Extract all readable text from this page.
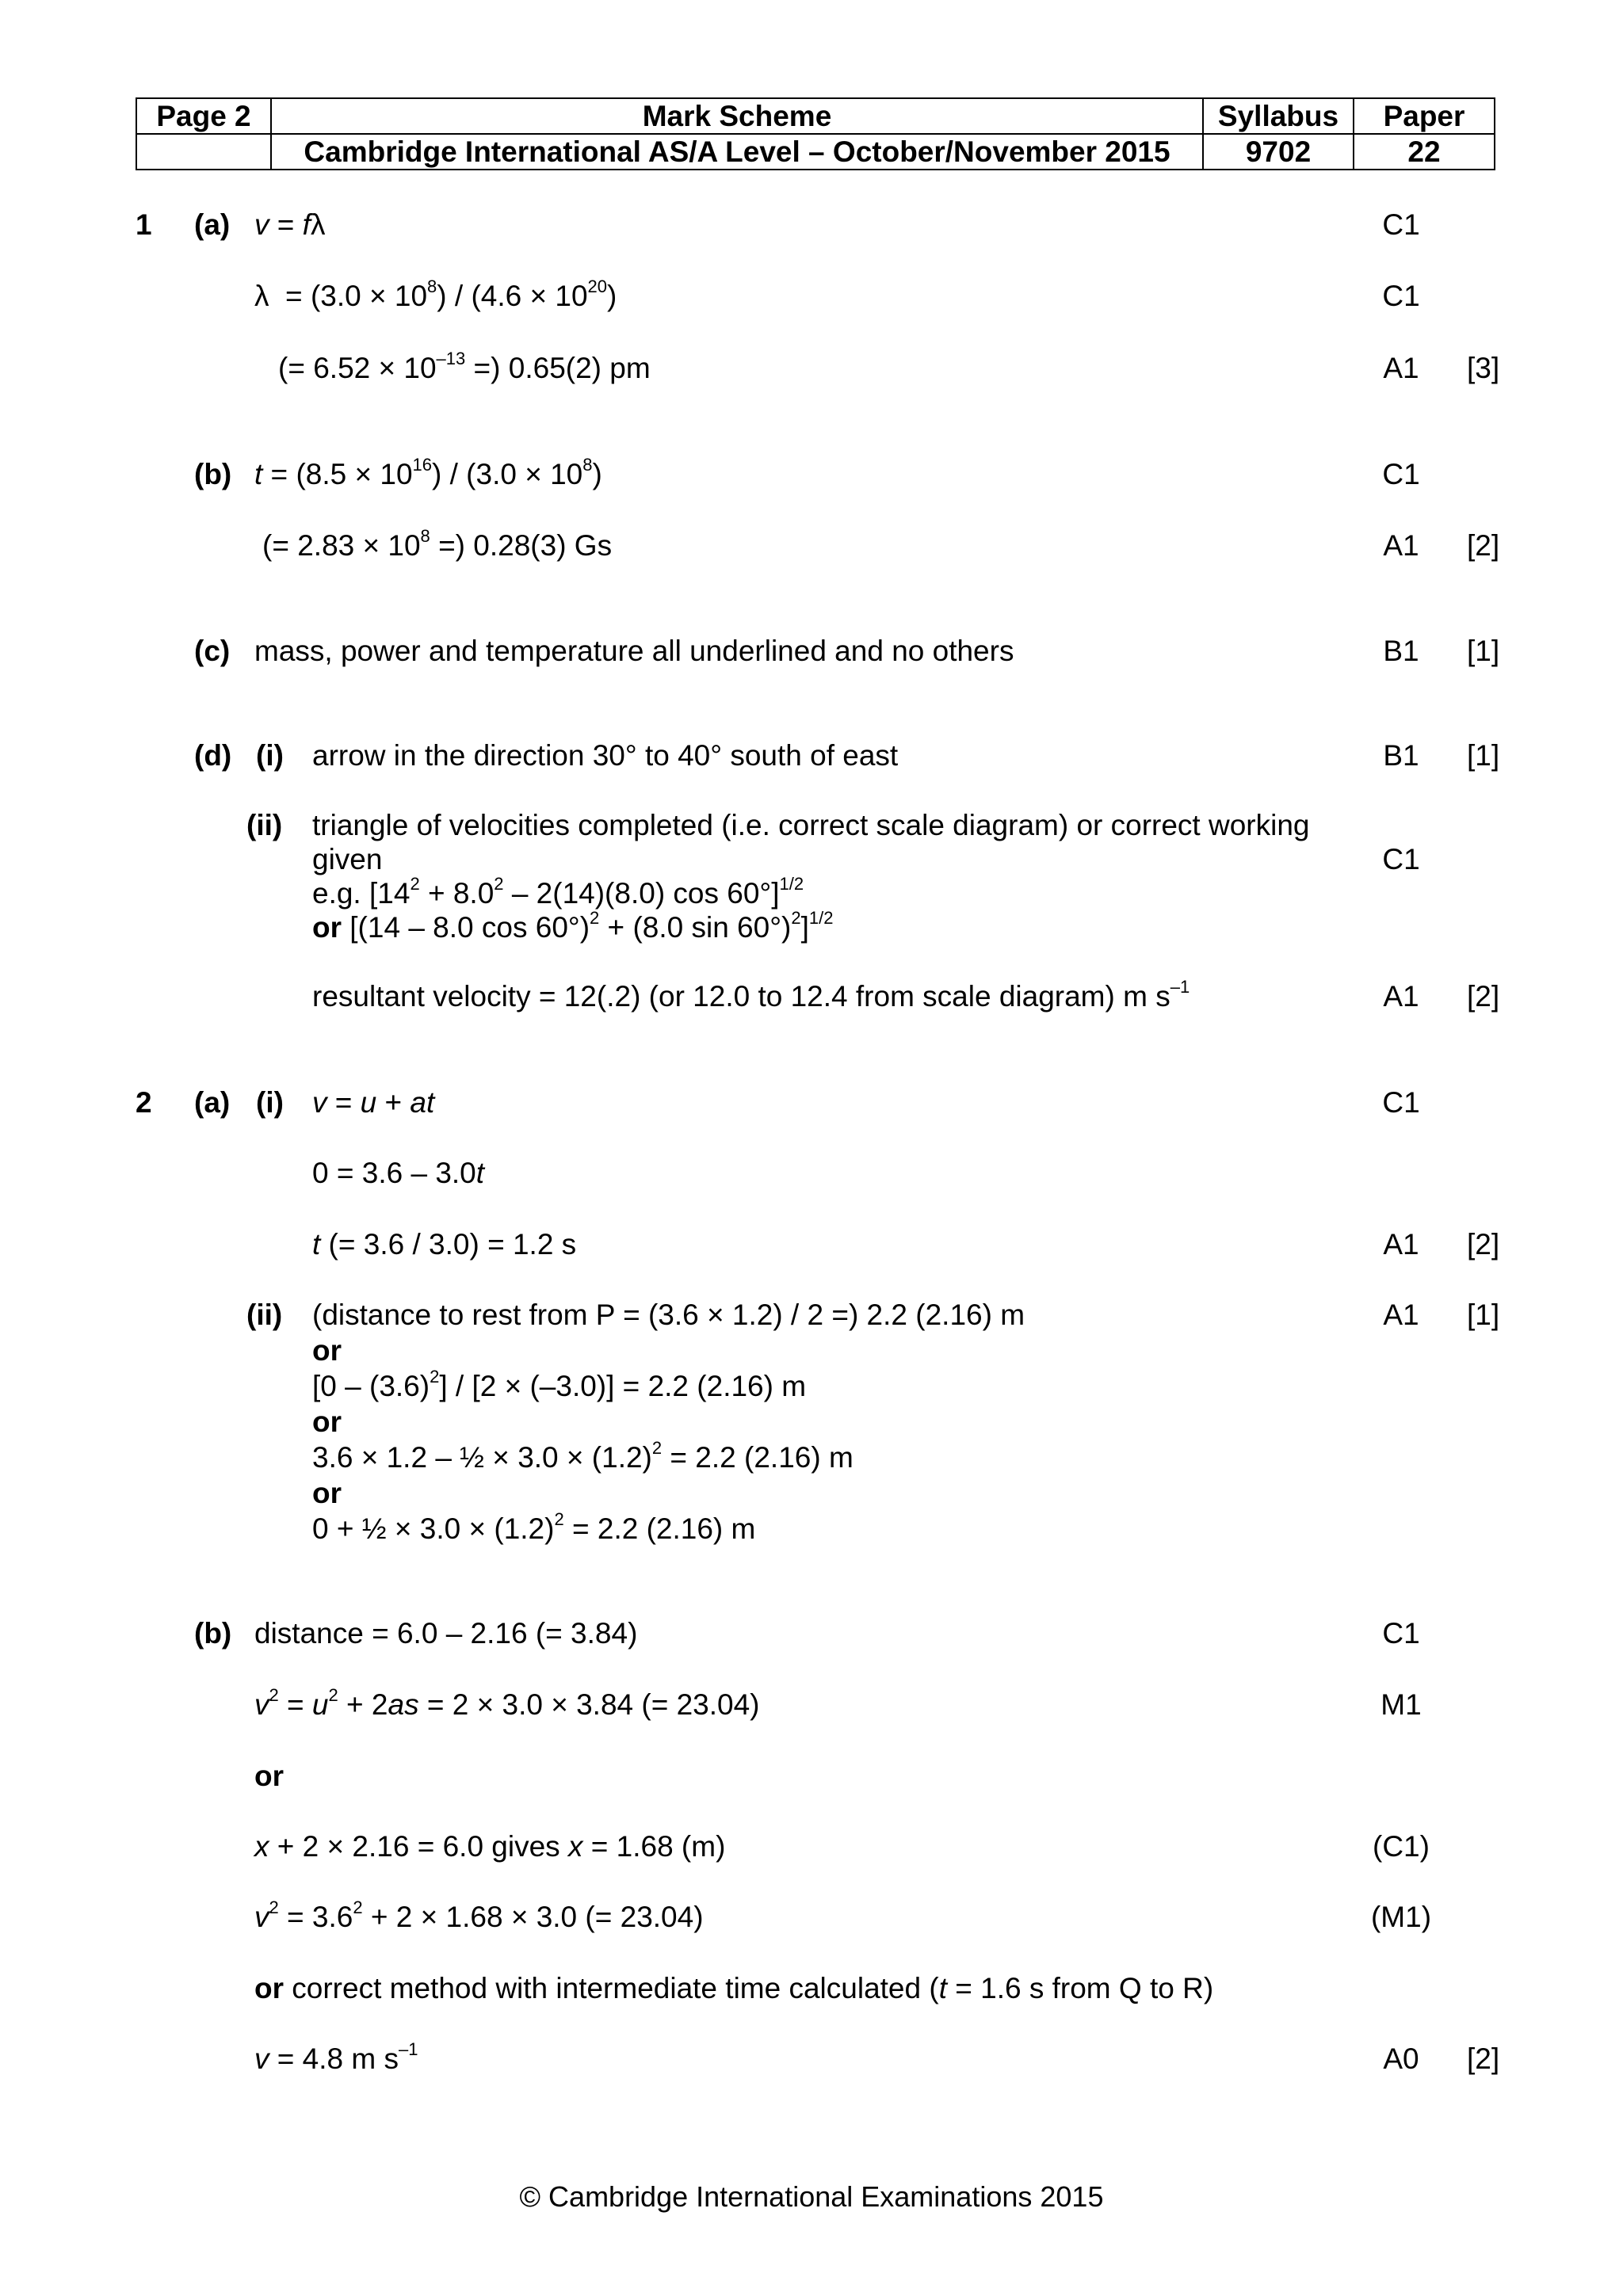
Page 2	Mark Scheme	Syllabus	Paper
	Cambridge International AS/A Level – October/November 2015	9702	22
1 (a) v = fλ	C1
$\lambda = (3.0 \times 10^8) / (4.6 \times 10^{20})$	C1
(= $6.52 \times 10^{-13}$ =) 0.65(2) pm	A1	[3]
(b) $t = (8.5 \times 10^{16}) / (3.0 \times 10^8)$	C1
(= $2.83 \times 10^8$ =) 0.28(3) Gs	A1	[2]
(c) mass, power and temperature all underlined and no others	B1	[1]
(d) (i) arrow in the direction 30° to 40° south of east	B1	[1]
(ii) triangle of velocities completed (i.e. correct scale diagram) or correct working
given	C1
e.g. [$14^2 + 8.0^2 - 2(14)(8.0)$ cos 60°]$^{1/2}$
or [(14 – 8.0 cos 60°)$^2$ + (8.0 sin 60°)$^2$]$^{1/2}$
resultant velocity = 12(.2) (or 12.0 to 12.4 from scale diagram) m $s^{-1}$	A1	[2]
2 (a) (i) v = u + at	C1
0 = 3.6 – 3.0t
t (= 3.6 / 3.0) = 1.2 s	A1	[2]
(ii) (distance to rest from P = (3.6 × 1.2) / 2 =) 2.2 (2.16) m	A1	[1]
or
$[0 - (3.6)^2] / [2 \times (-3.0)] = 2.2$ (2.16) m
or
3.6 × 1.2 – ½ × $3.0 \times (1.2)^2 = 2.2$ (2.16) m
or
0 + ½ × $3.0 \times (1.2)^2 = 2.2$ (2.16) m
(b) distance = 6.0 – 2.16 (= 3.84)	C1
$v^2 = u^2 + 2as = 2 \times 3.0 \times 3.84$ (= 23.04)	M1
or
x + 2 × 2.16 = 6.0 gives x = 1.68 (m)	(C1)
$v^2 = 3.6^2 + 2 \times 1.68 \times 3.0$ (= 23.04)	(M1)
or correct method with intermediate time calculated (t = 1.6 s from Q to R)
v = 4.8 m $s^{-1}$	A0	[2]
© Cambridge International Examinations 2015
